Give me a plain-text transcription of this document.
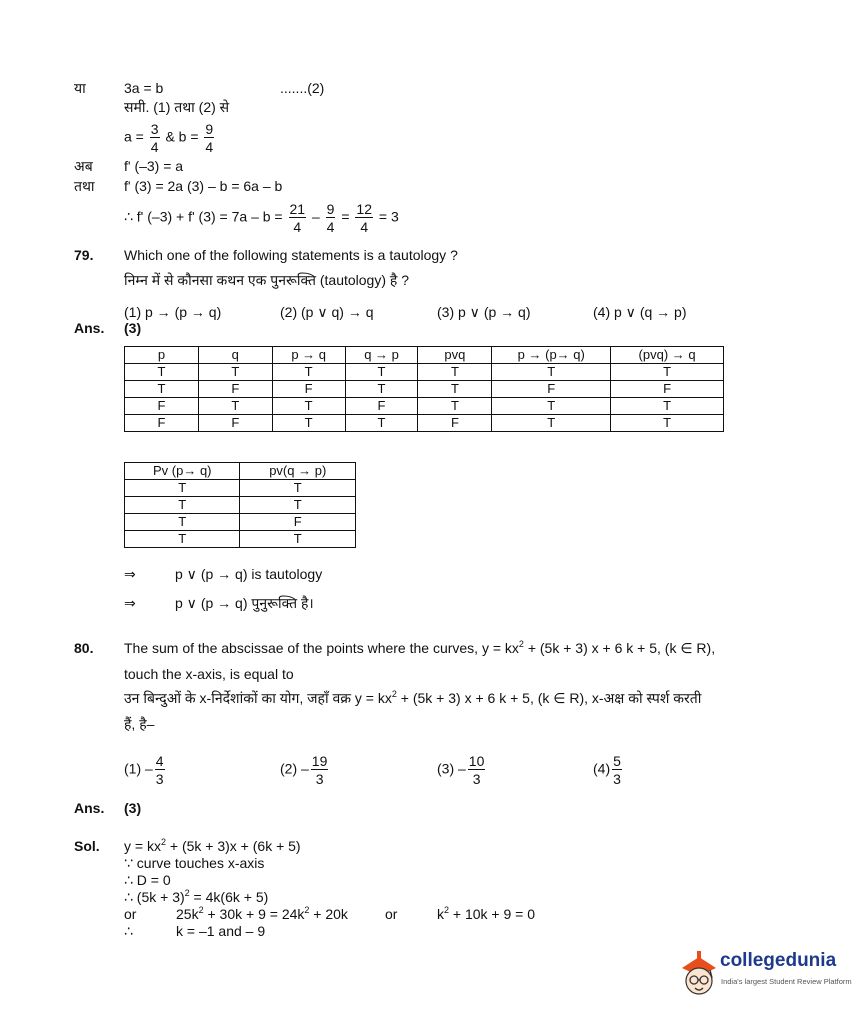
या	3a = b	.......(2)
समी. (1) तथा (2) से
$a = \frac{3}{4}$ & $b = \frac{9}{4}$
अब f' (–3) = a
तथा f' (3) = 2a (3) – b = 6a – b
∴ f' (–3) + f' $(3) = 7a - b = \frac{21}{4} - \frac{9}{4} = \frac{12}{4} = 3$
79. Which one of the following statements is a tautology ?
निम्न में से कौनसा कथन एक पुनरूक्ति (tautology) है ?
(1) p → (p → q)	(2) (p ∨ q) → q	(3) p ∨ (p → q)	(4) p ∨ (q → p)
Ans. (3)
p	q	p → q	q → p	pvq	p → (p→ q)	(pvq) → q
T	T	T	T	T	T	T
T	F	F	T	T	F	F
F	T	T	F	T	T	T
F	F	T	T	F	T	T
Pv (p→ q)	pv(q → p)
T	T
T	T
T	F
T	T
⇒	p ∨ (p → q) is tautology
⇒	p ∨ (p → q) पुनुरूक्ति है।
80. The sum of the abscissae of the points where the curves, $y = kx^2 + (5k + 3) x + 6$ k + 5, (k ∈ R),
touch the x-axis, is equal to
उन बिन्दुओं के x-निर्देशांकों का योग, जहाँ वक्र $y = kx^2 + (5k + 3) x + 6$ k + 5, (k ∈ R), x-अक्ष को स्पर्श करती
हैं, है–
$(1) - \frac{4}{3}$	$(2) - \frac{19}{3}$	$(3) - \frac{10}{3}$	$(4) \frac{5}{3}$
Ans. (3)
Sol. $y = kx^2 + (5k + 3)x + (6k + 5)$
∵ curve touches x-axis
∴ D = 0
∴ $(5k + 3)^2 = 4k(6k + 5)$
or	$25k^2 + 30k + 9 = 24k^2 + 20k$	or	$k^2 + 10k + 9 = 0$
∴	k = –1 and – 9
collegedunia
India's largest Student Review Platform
